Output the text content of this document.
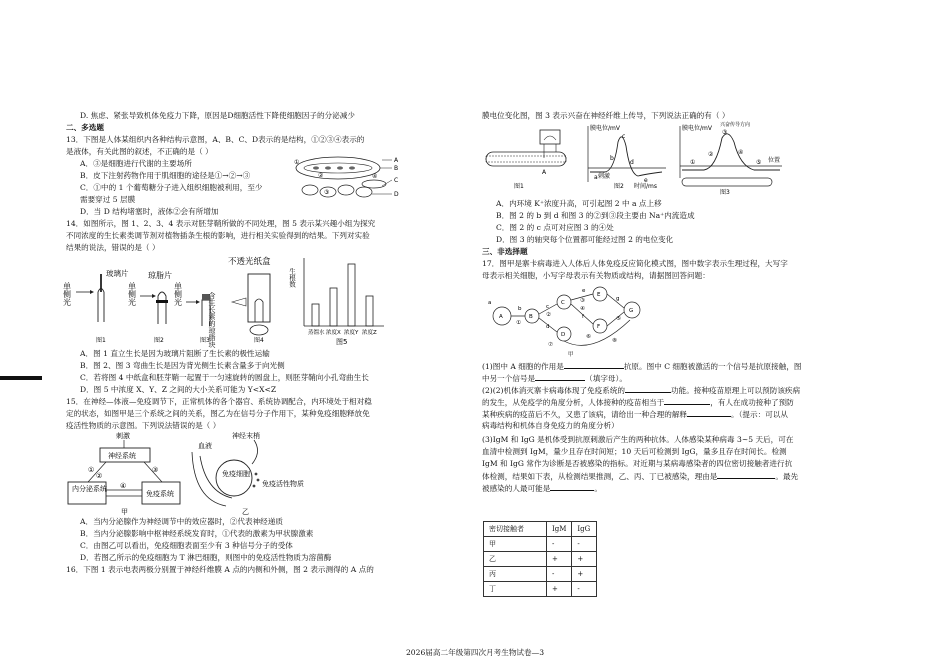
D. 焦虑、紧张导致机体免疫力下降，原因是D细胞活性下降使细胞因子的分泌减少
二、多选题
13．下图是人体某组织内各种结构示意图，A、B、C、D表示的是结构，①②③④表示的
是液体，有关此图的叙述，不正确的是（ ）
A．③是细胞进行代谢的主要场所
B．皮下注射药物作用于肌细胞的途径是①→②→③
C．①中的 1 个葡萄糖分子进入组织细胞被利用，至少
需要穿过 5 层膜
D．当 D 结构堵塞时，液体②会有所增加
14．如图所示，图 1、2、3、4 表示对胚芽鞘所做的不同处理，图 5 表示某兴趣小组为探究
不同浓度的生长素类调节剂对植物插条生根的影响，进行相关实验得到的结果。下列对实验
结果的说法，错误的是（ ）
A．图 1 直立生长是因为玻璃片阻断了生长素的极性运输
B．图 2、图 3 弯曲生长是因为背光侧生长素含量多于向光侧
C．若将图 4 中纸盒和胚芽鞘一起置于一匀速旋转的圆盘上，则胚芽鞘向小孔弯曲生长
D．图 5 中浓度 X、Y、Z 之间的大小关系可能为 Y<X<Z
15．在神经—体液—免疫调节下，正常机体的各个器官、系统协调配合，内环境处于相对稳
定的状态，如图甲是三个系统之间的关系，图乙为在信号分子作用下，某种免疫细胞释放免
疫活性物质的示意图。下列说法错误的是（ ）
A．当内分泌腺作为神经调节中的效应器时，②代表神经递质
B．当内分泌腺影响中枢神经系统发育时，①代表的激素为甲状腺激素
C．由图乙可以看出，免疫细胞表面至少有 3 种信号分子的受体
D．若图乙所示的免疫细胞为 T 淋巴细胞，则图中的免疫活性物质为溶菌酶
16．下图 1 表示电表两极分别置于神经纤维膜 A 点的内侧和外侧，图 2 表示测得的 A 点的
A
B
C
D
①
②
③
④
单侧光
玻璃片
图1
单侧光
琼脂片
图2
单侧光	含生长素的琼脂块
图3
不透光纸盒
图4
生根数
蒸馏水 浓度X 浓度Y 浓度Z
图5
刺激
神经系统
内分泌系统
免疫系统
①
②
③
④
甲
血液
神经末梢
免疫细胞
免疫活性物质
乙
膜电位变化图，图 3 表示兴奋在神经纤维上传导，下列说法正确的有（ ）
A．内环境 K⁺浓度升高，可引起图 2 中 a 点上移
B．图 2 的 b 到 d 和图 3 的②到③段主要由 Na⁺内流造成
C．图 2 的 c 点可对应图 3 的④处
D．图 3 的轴突每个位置都可能经过图 2 的电位变化
三、非选择题
17．图甲是寨卡病毒进入人体后人体免疫反应简化模式图，图中数字表示生理过程，大写字
母表示相关细胞，小写字母表示有关物质或结构，请据图回答问题：
(1)图中 A 细胞的作用是	抗原。图中 C 细胞被激活的一个信号是抗原接触，图
中另一个信号是	（填字母）。
(2)(2)机体消灭寨卡病毒体现了免疫系统的	功能。接种疫苗原理上可以预防该疾病
的发生，从免疫学的角度分析，人体接种的疫苗相当于	，有人在成功接种了预防
某种疾病的疫苗后不久，又患了该病，请给出一种合理的解释	。（提示：可以从
病毒结构和机体自身免疫力的角度分析）
(3)IgM 和 IgG 是机体受到抗原刺激后产生的两种抗体。人体感染某种病毒 3~5 天后，可在
血清中检测到 IgM，量少且存在时间短；10 天后可检测到 IgG，量多且存在时间长。检测
IgM 和 IgG 常作为诊断是否被感染的指标。对近期与某病毒感染者的四位密切接触者进行抗
体检测，结果如下表，从检测结果推测，乙、丙、丁已被感染，理由是	。最先
被感染的人最可能是	。
A
图1
膜电位/mV
a
b
c
d
e
刺激
时间/ms
图2
膜电位/mV 兴奋传导方向
①
②
③
④
⑤ 位置
图3
A	B
C
D
E
F
G
a
b	c
d
e
f
g
①
②
③
④
⑤
⑥
⑦
⑧
甲
密切接触者	IgM	IgG
甲	-	-
乙	+	+
丙	-	+
丁	+	-
2026届高二年级第四次月考生物试卷—3
